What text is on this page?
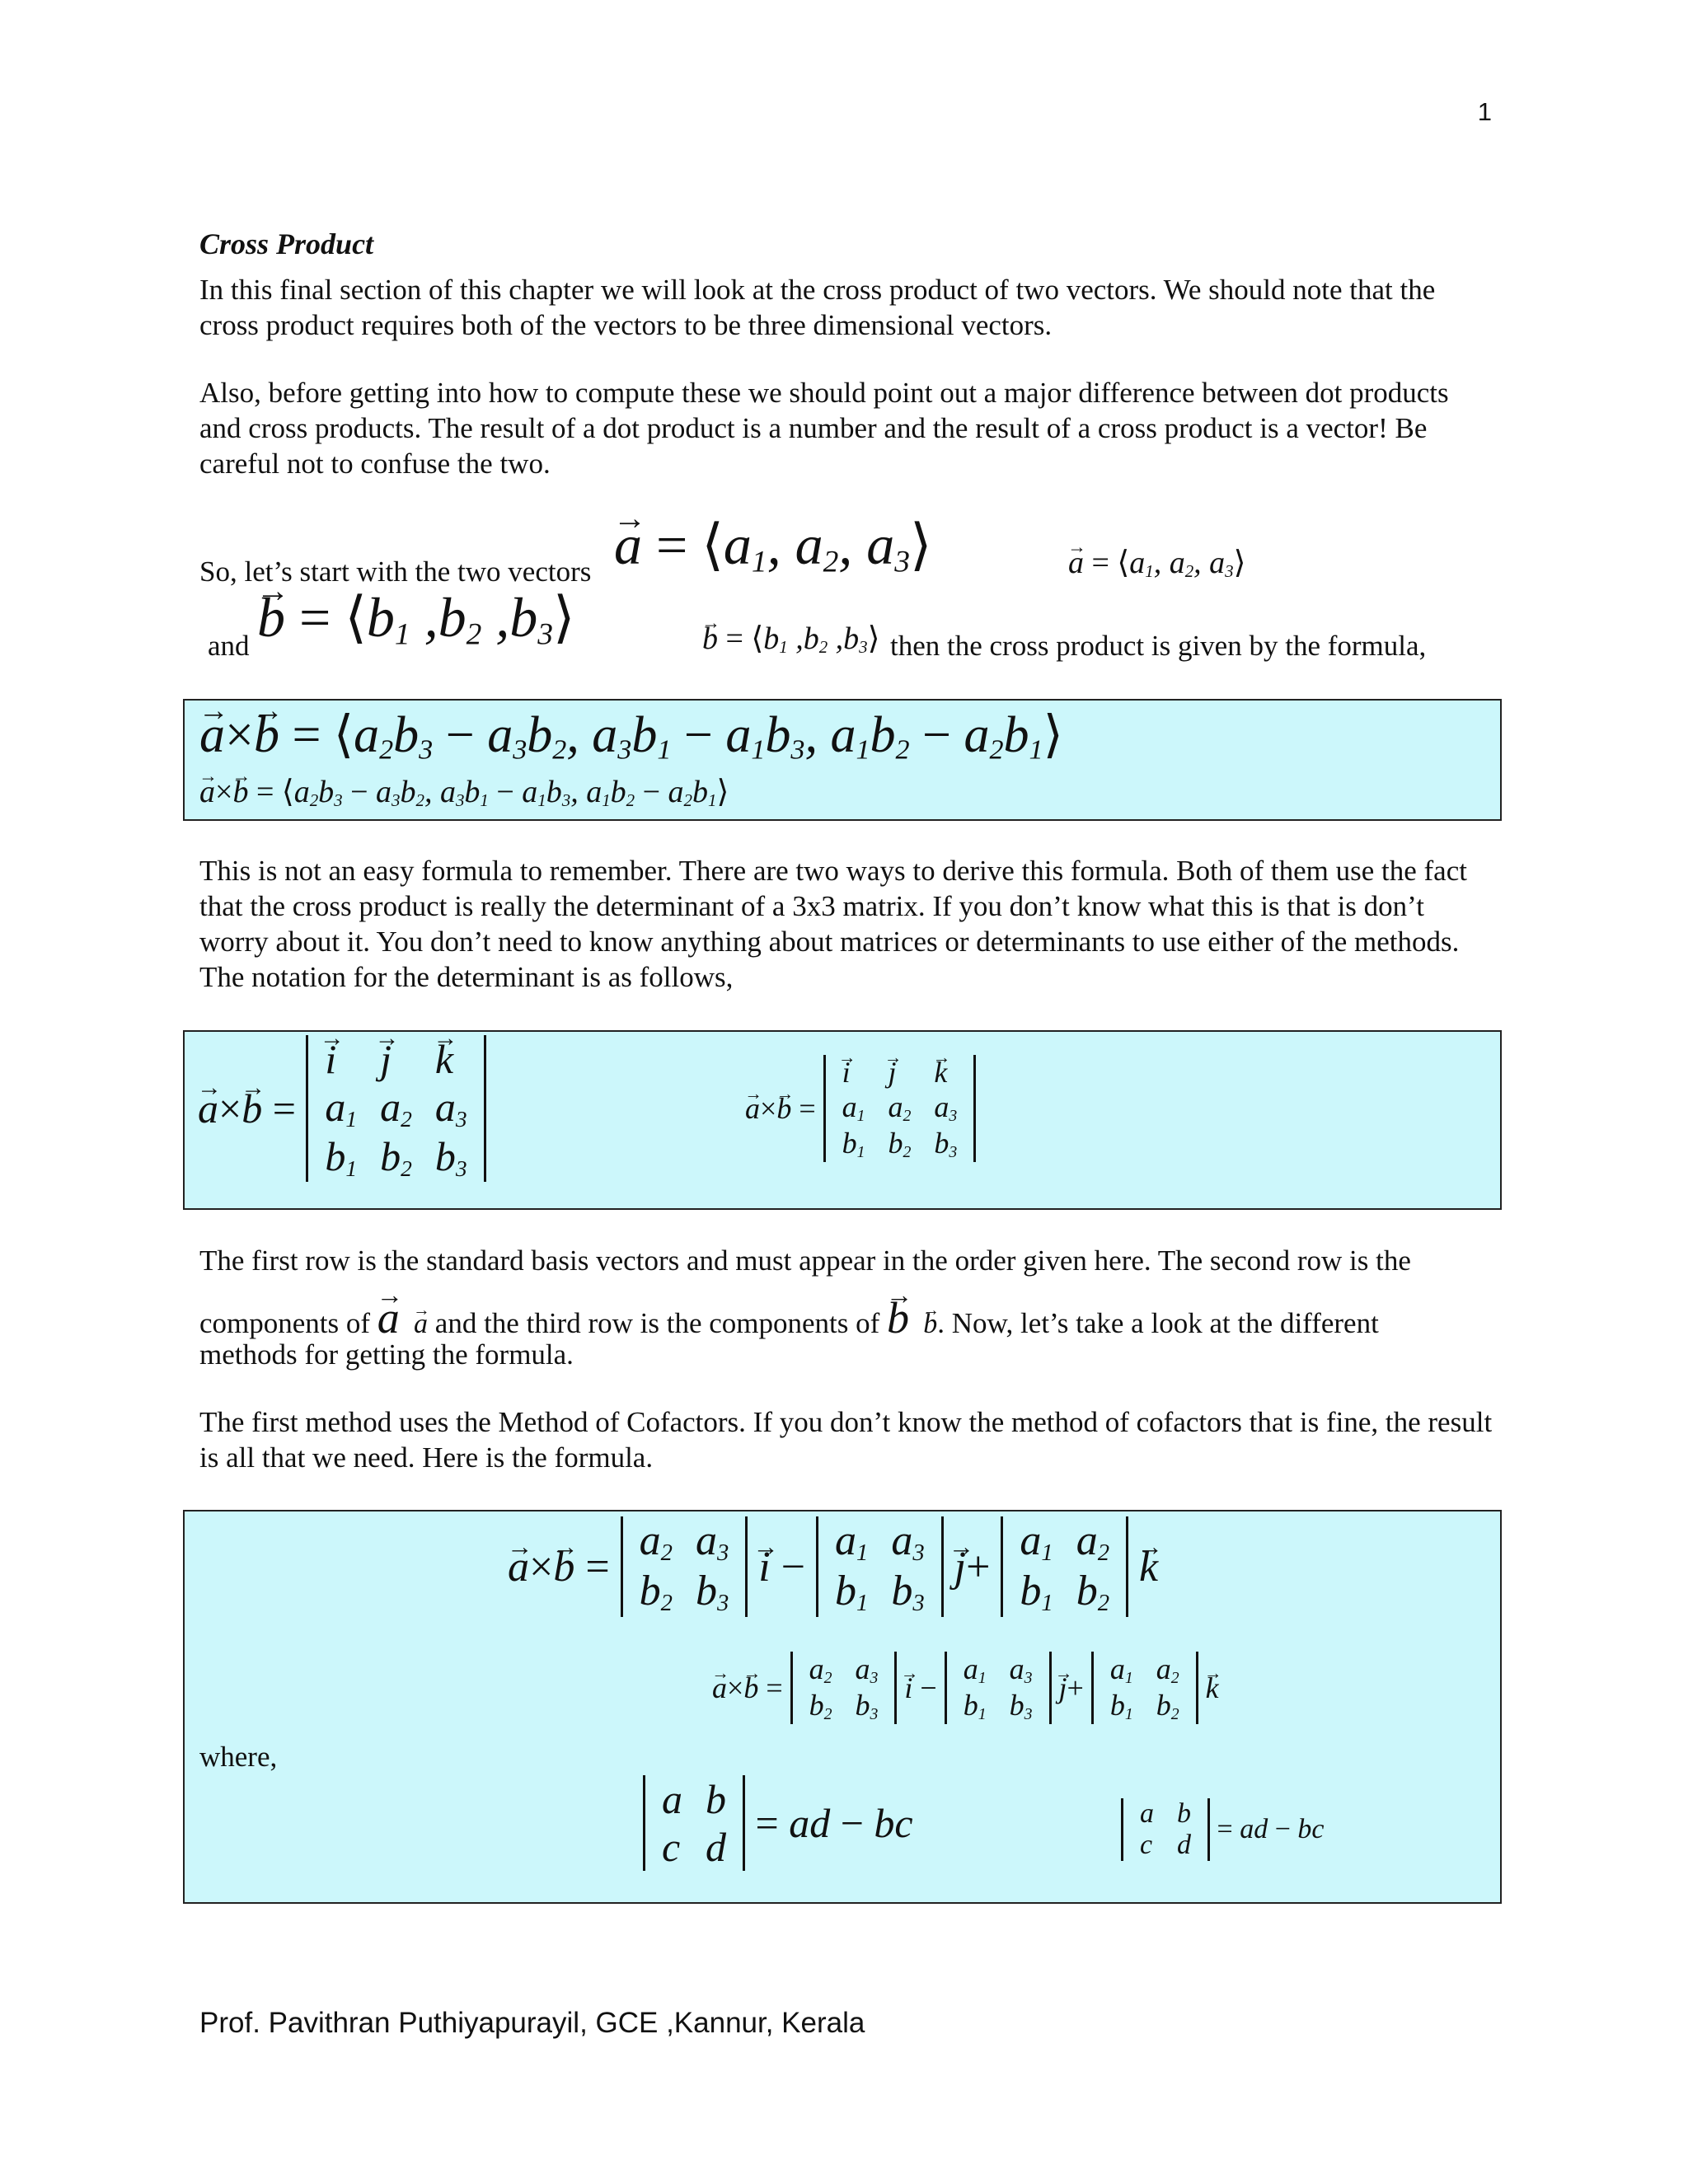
1
Cross Product
In this final section of this chapter we will look at the cross product of two vectors. We should note that the cross product requires both of the vectors to be three dimensional vectors.
Also, before getting into how to compute these we should point out a major difference between dot products and cross products. The result of a dot product is a number and the result of a cross product is a vector! Be careful not to confuse the two.
So, let’s start with the two vectors → $a = ⟨a_1$, $a_2$, $a_3⟩$	→ $a = ⟨a_1$, $a_2$, $a_3⟩$
and → $b = ⟨b_1$ $,b_2$ $,b_3⟩$	→ $b = ⟨b_1$ $,b_2$ $,b_3⟩$ then the cross product is given by the formula,
→ $a\times\to b = ⟨a_2b_3 - a_3b_2$, $a_3b_1 - a_1b_3$, $a_1b_2$ − $a_2b_1⟩$
→ $a\times\to b = ⟨a_2b_3 - a_3b_2$, $a_3b_1 - a_1b_3$, $a_1b_2$ − $a_2b_1⟩$
This is not an easy formula to remember. There are two ways to derive this formula. Both of them use the fact that the cross product is really the determinant of a 3x3 matrix. If you don’t know what this is that is don’t worry about it. You don’t need to know anything about matrices or determinants to use either of the methods. The notation for the determinant is as follows,
→ a×→ b =
→ i	→ j	→ k
$a_1$	$a_2$	$a_3$
$b_1$	$b_2$	$b_3$
→ a×→ b =
→ i	→ j	→ k
$a_1$	$a_2$	$a_3$
$b_1$	$b_2$	$b_3$
The first row is the standard basis vectors and must appear in the order given here. The second row is the
components of → a → a and the third row is the components of → b → b. Now, let’s take a look at the different
methods for getting the formula.
The first method uses the Method of Cofactors. If you don’t know the method of cofactors that is fine, the result is all that we need. Here is the formula.
→ a×→ b =
$a_2$	$a_3$
$b_2$	$b_3$
→ i −
$a_1$	$a_3$
$b_1$	$b_3$
→ j+
$a_1$	$a_2$
$b_1$	$b_2$
→ k
→ a×→ b =
$a_2$	$a_3$
$b_2$	$b_3$
→ i −
$a_1$	$a_3$
$b_1$	$b_3$
→ j+
$a_1$	$a_2$
$b_1$	$b_2$
→ k
where,
a	b
c	d
= ad − bc	a	b
c	d
= ad − bc
Prof. Pavithran Puthiyapurayil, GCE ,Kannur, Kerala
